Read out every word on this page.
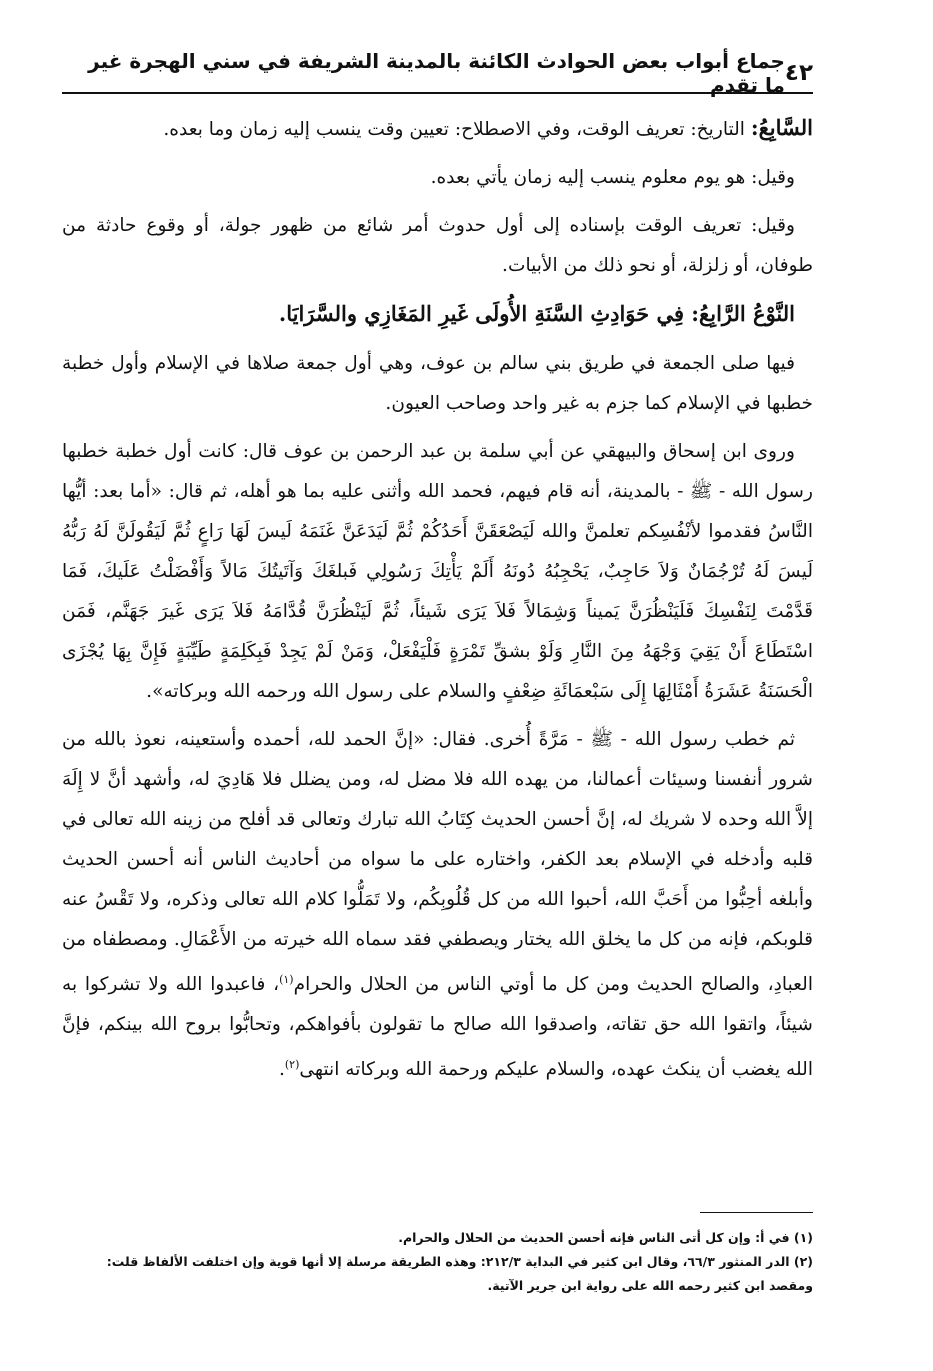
٤٢
جماع أبواب بعض الحوادث الكائنة بالمدينة الشريفة في سني الهجرة غير ما تقدم

السَّابِعُ: التاريخ: تعريف الوقت، وفي الاصطلاح: تعيين وقت ينسب إليه زمان وما بعده.

وقيل: هو يوم معلوم ينسب إليه زمان يأتي بعده.

وقيل: تعريف الوقت بإسناده إلى أول حدوث أمر شائع من ظهور جولة، أو وقوع حادثة من طوفان، أو زلزلة، أو نحو ذلك من الأبيات.

النَّوْعُ الرَّابِعُ: فِي حَوَادِثِ السَّنَةِ الأُولَى غَيرِ المَغَازِي والسَّرَايَا.

فيها صلى الجمعة في طريق بني سالم بن عوف، وهي أول جمعة صلاها في الإسلام وأول خطبة خطبها في الإسلام كما جزم به غير واحد وصاحب العيون.

وروى ابن إسحاق والبيهقي عن أبي سلمة بن عبد الرحمن بن عوف قال: كانت أول خطبة خطبها رسول الله - ﷺ - بالمدينة، أنه قام فيهم، فحمد الله وأثنى عليه بما هو أهله، ثم قال: «أما بعد: أيُّها النَّاسُ فقدموا لأنْفُسِكم تعلمنَّ والله لَيَصْعَقَنَّ أَحَدُكُمْ ثُمَّ لَيَدَعَنَّ غَنَمَهُ لَيسَ لَهَا رَاعٍ ثُمَّ لَيَقُولَنَّ لَهُ رَبُّهُ لَيسَ لَهُ تُرْجُمَانٌ وَلاَ حَاجِبٌ، يَحْجِبُهُ دُونَهُ أَلَمْ يَأْتِكَ رَسُولِي فَبلغَكَ وَآتَيتُكَ مَالاً وَأَفْضَلْتُ عَلَيكَ، فَمَا قَدَّمْتَ لِنَفْسِكَ فَلَيَنْظُرَنَّ يَميناً وَشِمَالاً فَلاَ يَرَى شَيئاً، ثُمَّ لَيَنْظُرَنَّ قُدَّامَهُ فَلاَ يَرَى غَيرَ جَهَنَّم، فَمَن اسْتَطَاعَ أَنْ يَقِيَ وَجْهَهُ مِنَ النَّارِ وَلَوْ بشقِّ تَمْرَةٍ فَلْيَفْعَلْ، وَمَنْ لَمْ يَجِدْ فَبِكَلِمَةٍ طَيِّبَةٍ فَإِنَّ بِهَا يُجْزَى الْحَسَنَةُ عَشَرَةُ أَمْثَالِهَا إِلَى سَبْعمَائَةِ ضِعْفٍ والسلام على رسول الله ورحمه الله وبركاته».

ثم خطب رسول الله - ﷺ - مَرَّةً أُخرى. فقال: «إنَّ الحمد لله، أحمده وأستعينه، نعوذ بالله من شرور أنفسنا وسيئات أعمالنا، من يهده الله فلا مضل له، ومن يضلل فلا هَادِيَ له، وأشهد أنَّ لا إِلَهَ إلاَّ الله وحده لا شريك له، إنَّ أحسن الحديث كِتَابُ الله تبارك وتعالى قد أفلح من زينه الله تعالى في قلبه وأدخله في الإسلام بعد الكفر، واختاره على ما سواه من أحاديث الناس أنه أحسن الحديث وأبلغه أحِبُّوا من أَحَبَّ الله، أحبوا الله من كل قُلُوبِكُم، ولا تَمَلُّوا كلام الله تعالى وذكره، ولا تَقْسُ عنه قلوبكم، فإنه من كل ما يخلق الله يختار ويصطفي فقد سماه الله خيرته من الأَعْمَالِ. ومصطفاه من العبادِ، والصالح الحديث ومن كل ما أوتي الناس من الحلال والحرام$^{(١)}$، فاعبدوا الله ولا تشركوا به شيئاً، واتقوا الله حق تقاته، واصدقوا الله صالح ما تقولون بأفواهكم، وتحابُّوا بروح الله بينكم، فإنَّ الله يغضب أن ينكث عهده، والسلام عليكم ورحمة الله وبركاته انتهى$^{(٢)}$.

(١) في أ: وإن كل أتى الناس فإنه أحسن الحديث من الحلال والحرام.

(٢) الدر المنثور ٦٦/٣، وقال ابن كثير في البداية ٢١٢/٣: وهذه الطريقة مرسلة إلا أنها قوية وإن اختلفت الألفاظ قلت: ومقصد ابن كثير رحمه الله على رواية ابن جرير الآتية.
